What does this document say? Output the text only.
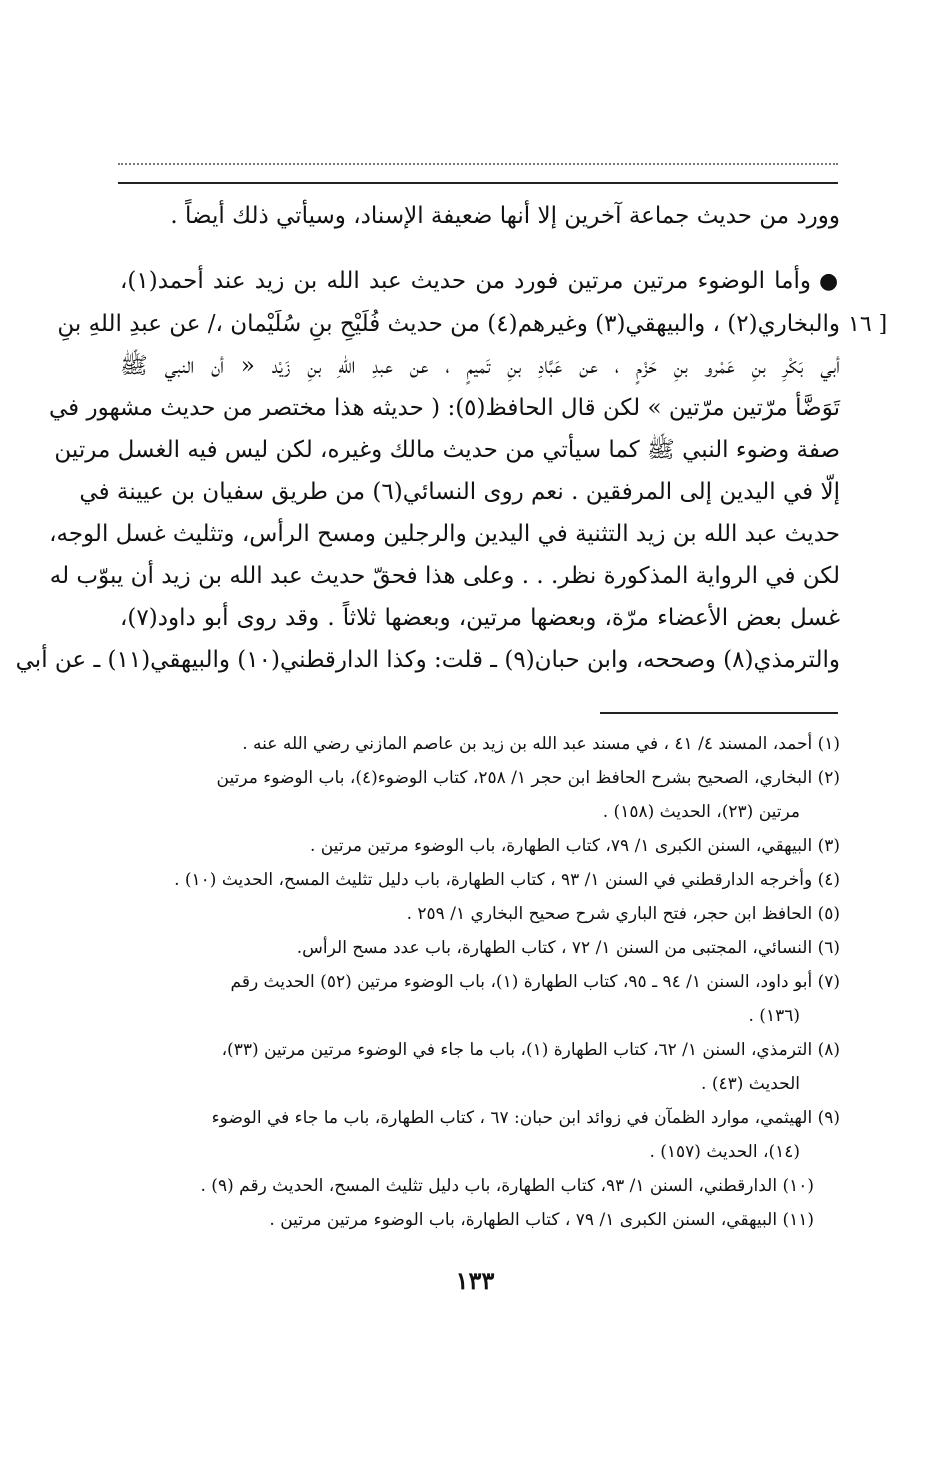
وورد من حديث جماعة آخرين إلا أنها ضعيفة الإسناد، وسيأتي ذلك أيضاً .
[ ١٦
●وأما الوضوء مرتين مرتين فورد من حديث عبد الله بن زيد عند أحمد(١)،
والبخاري(٢) ، والبيهقي(٣) وغيرهم(٤) من حديث فُلَيْحِ بنِ سُلَيْمان ،/ عن عبدِ اللهِ بنِ
أبي بَكْرِ بنِ عَمْرو بنِ حَزْمٍ ، عن عَبَّادِ بنِ تَميمٍ ، عن عبدِ اللهِ بنِ زَيْد « أن النبي ﷺ
تَوَضَّأ مرّتين مرّتين » لكن قال الحافظ(٥): ( حديثه هذا مختصر من حديث مشهور في
صفة وضوء النبي ﷺ كما سيأتي من حديث مالك وغيره، لكن ليس فيه الغسل مرتين
إلّا في اليدين إلى المرفقين . نعم روى النسائي(٦) من طريق سفيان بن عيينة في
حديث عبد الله بن زيد التثنية في اليدين والرجلين ومسح الرأس، وتثليث غسل الوجه،
لكن في الرواية المذكورة نظر. . . وعلى هذا فحقّ حديث عبد الله بن زيد أن يبوّب له
غسل بعض الأعضاء مرّة، وبعضها مرتين، وبعضها ثلاثاً . وقد روى أبو داود(٧)،
والترمذي(٨) وصححه، وابن حبان(٩) ـ قلت: وكذا الدارقطني(١٠) والبيهقي(١١) ـ عن أبي
(١) أحمد، المسند ٤/ ٤١ ، في مسند عبد الله بن زيد بن عاصم المازني رضي الله عنه .
(٢) البخاري، الصحيح بشرح الحافظ ابن حجر ١/ ٢٥٨، كتاب الوضوء(٤)، باب الوضوء مرتين
مرتين (٢٣)، الحديث (١٥٨) .
(٣) البيهقي، السنن الكبرى ١/ ٧٩، كتاب الطهارة، باب الوضوء مرتين مرتين .
(٤) وأخرجه الدارقطني في السنن ١/ ٩٣ ، كتاب الطهارة، باب دليل تثليث المسح، الحديث (١٠) .
(٥) الحافظ ابن حجر، فتح الباري شرح صحيح البخاري ١/ ٢٥٩ .
(٦) النسائي، المجتبى من السنن ١/ ٧٢ ، كتاب الطهارة، باب عدد مسح الرأس.
(٧) أبو داود، السنن ١/ ٩٤ ـ ٩٥، كتاب الطهارة (١)، باب الوضوء مرتين (٥٢) الحديث رقم
(١٣٦) .
(٨) الترمذي، السنن ١/ ٦٢، كتاب الطهارة (١)، باب ما جاء في الوضوء مرتين مرتين (٣٣)،
الحديث (٤٣) .
(٩) الهيثمي، موارد الظمآن في زوائد ابن حبان: ٦٧ ، كتاب الطهارة، باب ما جاء في الوضوء
(١٤)، الحديث (١٥٧) .
(١٠) الدارقطني، السنن ١/ ٩٣، كتاب الطهارة، باب دليل تثليث المسح، الحديث رقم (٩) .
(١١) البيهقي، السنن الكبرى ١/ ٧٩ ، كتاب الطهارة، باب الوضوء مرتين مرتين .
١٣٣
